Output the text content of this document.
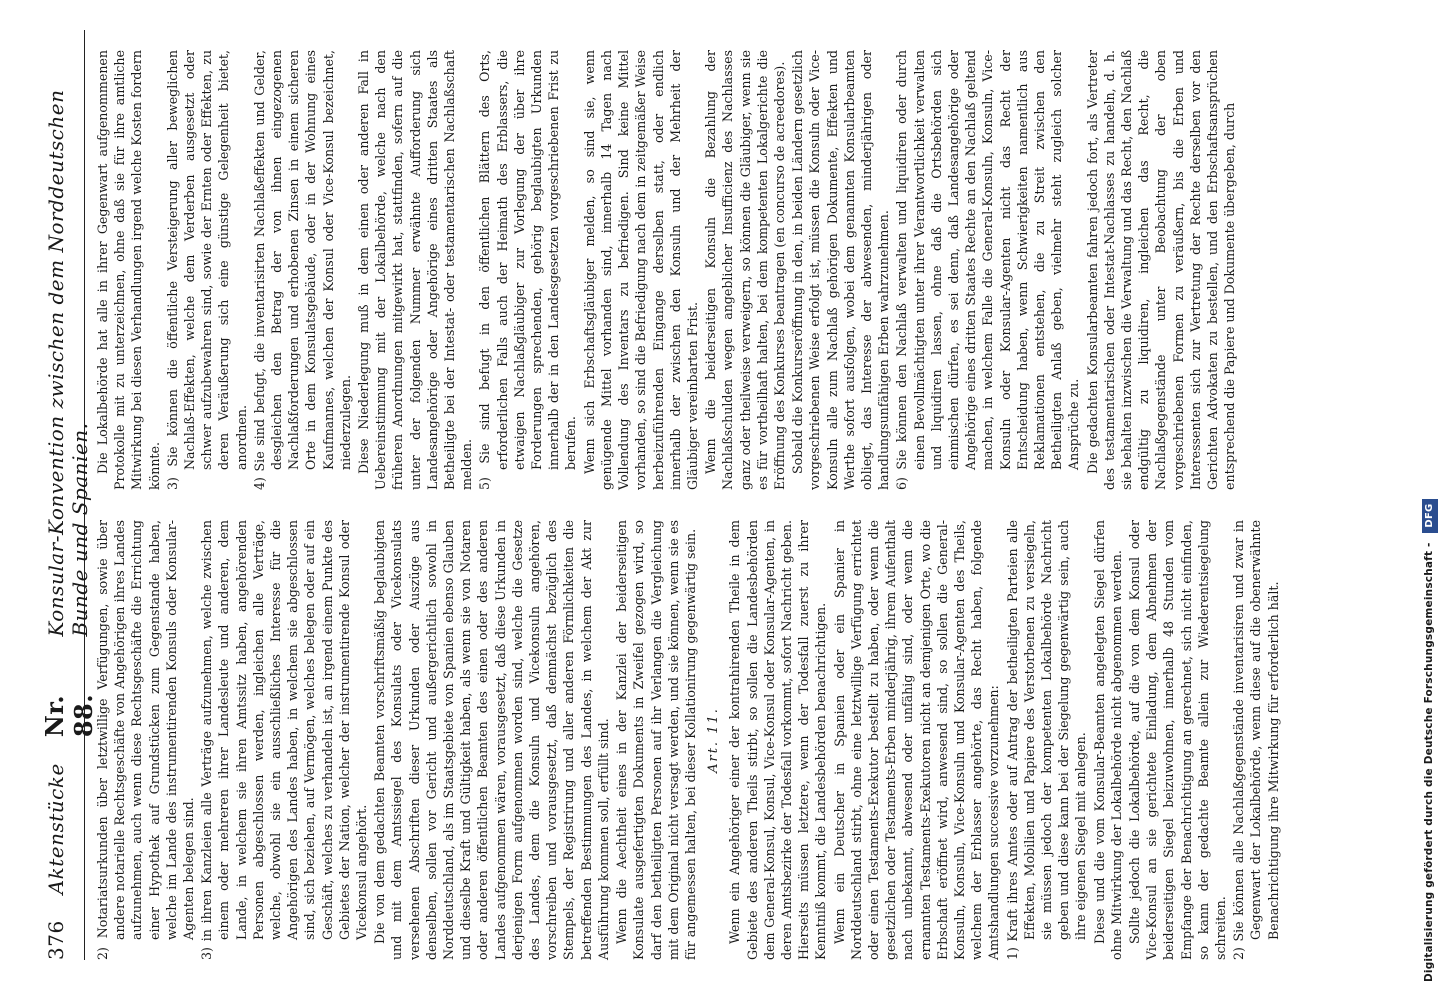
376
Aktenstücke
Nr. 88.
Konsular-Konvention zwischen dem Norddeutschen Bunde und Spanien. 2) Notariatsurkunden über letztwillige Verfügungen, sowie über andere notarielle Rechtsgeschäfte von Angehörigen ihres Landes aufzunehmen, auch wenn diese Rechtsgeschäfte die Errichtung einer Hypothek auf Grundstücken zum Gegenstande haben, welche im Lande des instrumentirenden Konsuls oder Konsular-Agenten belegen sind. 3) in ihren Kanzleien alle Verträge aufzunehmen, welche zwischen einem oder mehreren ihrer Landesleute und anderen, dem Lande, in welchem sie ihren Amtssitz haben, angehörenden Personen abgeschlossen werden, ingleichen alle Verträge, welche, obwohl sie ein ausschließliches Interesse für die Angehörigen des Landes haben, in welchem sie abgeschlossen sind, sich beziehen, auf Vermögen, welches belegen oder auf ein Geschäft, welches zu verhandeln ist, an irgend einem Punkte des Gebietes der Nation, welcher der instrumentirende Konsul oder Vicekonsul angehört. Die von dem gedachten Beamten vorschriftsmäßig beglaubigten und mit dem Amtssiegel des Konsulats oder Vicekonsulats versehenen Abschriften dieser Urkunden oder Auszüge aus denselben, sollen vor Gericht und außergerichtlich sowohl in Norddeutschland, als im Staatsgebiete von Spanien ebenso Glauben und dieselbe Kraft und Gültigkeit haben, als wenn sie von Notaren oder anderen öffentlichen Beamten des einen oder des anderen Landes aufgenommen wären, vorausgesetzt, daß diese Urkunden in derjenigen Form aufgenommen worden sind, welche die Gesetze des Landes, dem die Konsuln und Vicekonsuln angehören, vorschreiben und vorausgesetzt, daß demnächst bezüglich des Stempels, der Registrirung und aller anderen Förmlichkeiten die betreffenden Bestimmungen des Landes, in welchem der Akt zur Ausführung kommen soll, erfüllt sind. Wenn die Aechtheit eines in der Kanzlei der beiderseitigen Konsulate ausgefertigten Dokuments in Zweifel gezogen wird, so darf den betheiligten Personen auf ihr Verlangen die Vergleichung mit dem Original nicht versagt werden, und sie können, wenn sie es für angemessen halten, bei dieser Kollationirung gegenwärtig sein. Art. 11. Wenn ein Angehöriger einer der kontrahirenden Theile in dem Gebiete des anderen Theils stirbt, so sollen die Landesbehörden dem General-Konsul, Konsul, Vice-Konsul oder Konsular-Agenten, in deren Amtsbezirke der Todesfall vorkommt, sofort Nachricht geben. Hierseits müssen letztere, wenn der Todesfall zuerst zu ihrer Kenntniß kommt, die Landesbehörden benachrichtigen. Wenn ein Deutscher in Spanien oder ein Spanier in Norddeutschland stirbt, ohne eine letztwillige Verfügung errichtet oder einen Testaments-Exekutor bestellt zu haben, oder wenn die gesetzlichen oder Testaments-Erben minderjährig, ihrem Aufenthalt nach unbekannt, abwesend oder unfähig sind, oder wenn die ernannten Testaments-Exekutoren nicht an demjenigen Orte, wo die Erbschaft eröffnet wird, anwesend sind, so sollen die General-Konsuln, Konsuln, Vice-Konsuln und Konsular-Agenten des Theils, welchem der Erblasser angehörte, das Recht haben, folgende Amtshandlungen successive vorzunehmen: 1) Kraft ihres Amtes oder auf Antrag der betheiligten Parteien alle Effekten, Mobilien und Papiere des Verstorbenen zu versiegeln, sie müssen jedoch der kompetenten Lokalbehörde Nachricht geben und diese kann bei der Siegelung gegenwärtig sein, auch ihre eigenen Siegel mit anlegen. Diese und die vom Konsular-Beamten angelegten Siegel dürfen ohne Mitwirkung der Lokalbehörde nicht abgenommen werden. Sollte jedoch die Lokalbehörde, auf die von dem Konsul oder Vice-Konsul an sie gerichtete Einladung, dem Abnehmen der beiderseitigen Siegel beizuwohnen, innerhalb 48 Stunden vom Empfange der Benachrichtigung an gerechnet, sich nicht einfinden, so kann der gedachte Beamte allein zur Wiederentsiegelung schreiten. 2) Sie können alle Nachlaßgegenstände inventarisiren und zwar in Gegenwart der Lokalbehörde, wenn diese auf die obenerwähnte Benachrichtigung ihre Mitwirkung für erforderlich hält.

Die Lokalbehörde hat alle in ihrer Gegenwart aufgenommenen Protokolle mit zu unterzeichnen, ohne daß sie für ihre amtliche Mitwirkung bei diesen Verhandlungen irgend welche Kosten fordern könnte. 3) Sie können die öffentliche Versteigerung aller beweglichen Nachlaß-Effekten, welche dem Verderben ausgesetzt oder schwer aufzubewahren sind, sowie der Ernten oder Effekten, zu deren Veräußerung sich eine günstige Gelegenheit bietet, anordnen. 4) Sie sind befugt, die inventarisirten Nachlaßeffekten und Gelder, desgleichen den Betrag der von ihnen eingezogenen Nachlaßforderungen und erhobenen Zinsen in einem sicheren Orte in dem Konsulatsgebäude, oder in der Wohnung eines Kaufmannes, welchen der Konsul oder Vice-Konsul bezeichnet, niederzulegen. Diese Niederlegung muß in dem einen oder anderen Fall in Uebereinstimmung mit der Lokalbehörde, welche nach den früheren Anordnungen mitgewirkt hat, stattfinden, sofern auf die unter der folgenden Nummer erwähnte Aufforderung sich Landesangehörige oder Angehörige eines dritten Staates als Betheiligte bei der Intestat- oder testamentarischen Nachlaßschaft melden. 5) Sie sind befugt in den öffentlichen Blättern des Orts, erforderlichen Falls auch der Heimath des Erblassers, die etwaigen Nachlaßgläubiger zur Vorlegung der über ihre Forderungen sprechenden, gehörig beglaubigten Urkunden innerhalb der in den Landesgesetzen vorgeschriebenen Frist zu berufen. Wenn sich Erbschaftsgläubiger melden, so sind sie, wenn genügende Mittel vorhanden sind, innerhalb 14 Tagen nach Vollendung des Inventars zu befriedigen. Sind keine Mittel vorhanden, so sind die Befriedigung nach dem in zeitgemäßer Weise herbeizuführenden Eingange derselben statt, oder endlich innerhalb der zwischen den Konsuln und der Mehrheit der Gläubiger vereinbarten Frist. Wenn die beiderseitigen Konsuln die Bezahlung der Nachlaßschulden wegen angeblicher Insufficienz des Nachlasses ganz oder theilweise verweigern, so können die Gläubiger, wenn sie es für vortheilhaft halten, bei dem kompetenten Lokalgerichte die Eröffnung des Konkurses beantragen (en concurso de acreedores). Sobald die Konkurseröffnung in den, in beiden Ländern gesetzlich vorgeschriebenen Weise erfolgt ist, müssen die Konsuln oder Vice-Konsuln alle zum Nachlaß gehörigen Dokumente, Effekten und Werthe sofort ausfolgen, wobei dem genannten Konsularbeamten obliegt, das Interesse der abwesenden, minderjährigen oder handlungsunfähigen Erben wahrzunehmen. 6) Sie können den Nachlaß verwalten und liquidiren oder durch einen Bevollmächtigten unter ihrer Verantwortlichkeit verwalten und liquidiren lassen, ohne daß die Ortsbehörden sich einmischen dürfen, es sei denn, daß Landesangehörige oder Angehörige eines dritten Staates Rechte an den Nachlaß geltend machen, in welchem Falle die General-Konsuln, Konsuln, Vice-Konsuln oder Konsular-Agenten nicht das Recht der Entscheidung haben, wenn Schwierigkeiten namentlich aus Reklamationen entstehen, die zu Streit zwischen den Betheiligten Anlaß geben, vielmehr steht zugleich solcher Ansprüche zu. Die gedachten Konsularbeamten fahren jedoch fort, als Vertreter des testamentarischen oder Intestat-Nachlasses zu handeln, d. h. sie behalten inzwischen die Verwaltung und das Recht, den Nachlaß endgültig zu liquidiren, ingleichen das Recht, die Nachlaßgegenstände unter Beobachtung der oben vorgeschriebenen Formen zu veräußern, bis die Erben und Interessenten sich zur Vertretung der Rechte derselben vor den Gerichten Advokaten zu bestellen, und den Erbschaftsansprüchen entsprechend die Papiere und Dokumente übergeben, durch

Digitalisierung gefördert durch die Deutsche Forschungsgemeinschaft - DFG
